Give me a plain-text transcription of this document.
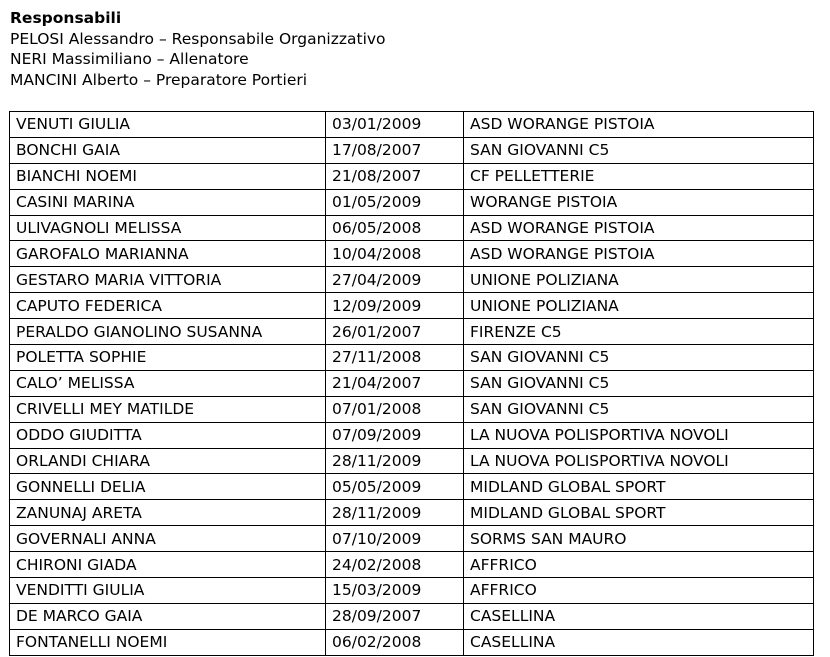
Responsabili
PELOSI Alessandro – Responsabile Organizzativo
NERI Massimiliano – Allenatore
MANCINI Alberto – Preparatore Portieri
VENUTI GIULIA	03/01/2009	ASD WORANGE PISTOIA
BONCHI GAIA	17/08/2007	SAN GIOVANNI C5
BIANCHI NOEMI	21/08/2007	CF PELLETTERIE
CASINI MARINA	01/05/2009	WORANGE PISTOIA
ULIVAGNOLI MELISSA	06/05/2008	ASD WORANGE PISTOIA
GAROFALO MARIANNA	10/04/2008	ASD WORANGE PISTOIA
GESTARO MARIA VITTORIA	27/04/2009	UNIONE POLIZIANA
CAPUTO FEDERICA	12/09/2009	UNIONE POLIZIANA
PERALDO GIANOLINO SUSANNA	26/01/2007	FIRENZE C5
POLETTA SOPHIE	27/11/2008	SAN GIOVANNI C5
CALO’ MELISSA	21/04/2007	SAN GIOVANNI C5
CRIVELLI MEY MATILDE	07/01/2008	SAN GIOVANNI C5
ODDO GIUDITTA	07/09/2009	LA NUOVA POLISPORTIVA NOVOLI
ORLANDI CHIARA	28/11/2009	LA NUOVA POLISPORTIVA NOVOLI
GONNELLI DELIA	05/05/2009	MIDLAND GLOBAL SPORT
ZANUNAJ ARETA	28/11/2009	MIDLAND GLOBAL SPORT
GOVERNALI ANNA	07/10/2009	SORMS SAN MAURO
CHIRONI GIADA	24/02/2008	AFFRICO
VENDITTI GIULIA	15/03/2009	AFFRICO
DE MARCO GAIA	28/09/2007	CASELLINA
FONTANELLI NOEMI	06/02/2008	CASELLINA
